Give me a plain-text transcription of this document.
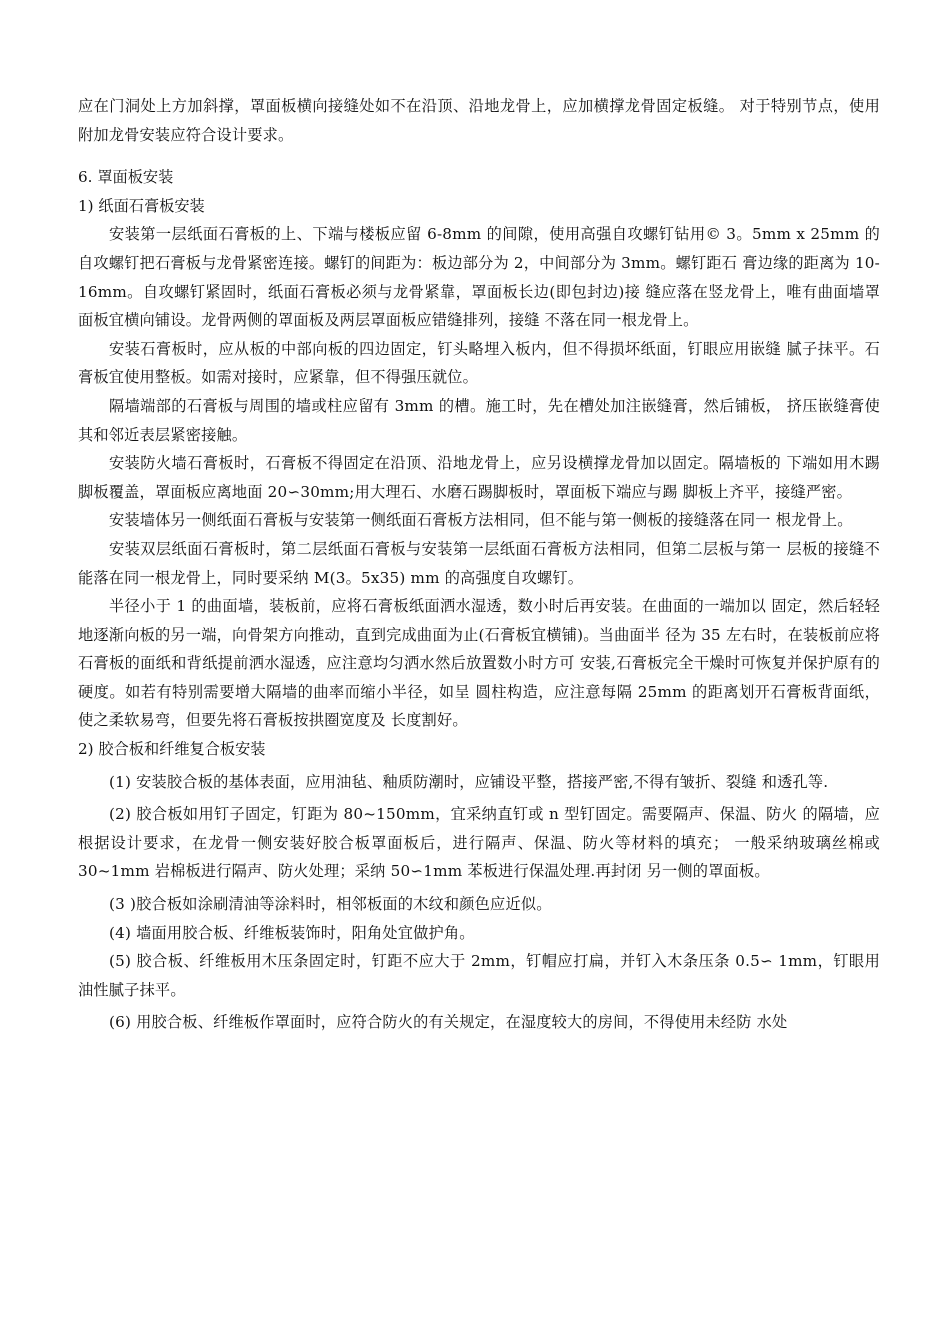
应在门洞处上方加斜撑，罩面板横向接缝处如不在沿顶、沿地龙骨上，应加横撑龙骨固定板缝。 对于特别节点，使用附加龙骨安装应符合设计要求。

6. 罩面板安装

1) 纸面石膏板安装

安装第一层纸面石膏板的上、下端与楼板应留 6-8mm 的间隙，使用高强自攻螺钉钻用© 3。5mm x 25mm 的自攻螺钉把石膏板与龙骨紧密连接。螺钉的间距为：板边部分为 2，中间部分为 3mm。螺钉距石 膏边缘的距离为 10-16mm。自攻螺钉紧固时，纸面石膏板必须与龙骨紧靠，罩面板长边(即包封边)接 缝应落在竖龙骨上，唯有曲面墙罩面板宜横向铺设。龙骨两侧的罩面板及两层罩面板应错缝排列，接缝 不落在同一根龙骨上。

安装石膏板时，应从板的中部向板的四边固定，钉头略埋入板内，但不得损坏纸面，钉眼应用嵌缝 腻子抹平。石膏板宜使用整板。如需对接时，应紧靠，但不得强压就位。

隔墙端部的石膏板与周围的墙或柱应留有 3mm 的槽。施工时，先在槽处加注嵌缝膏，然后铺板， 挤压嵌缝膏使其和邻近表层紧密接触。

安装防火墙石膏板时，石膏板不得固定在沿顶、沿地龙骨上，应另设横撑龙骨加以固定。隔墙板的 下端如用木踢脚板覆盖，罩面板应离地面 20∽30mm;用大理石、水磨石踢脚板时，罩面板下端应与踢 脚板上齐平，接缝严密。

安装墙体另一侧纸面石膏板与安装第一侧纸面石膏板方法相同，但不能与第一侧板的接缝落在同一 根龙骨上。

安装双层纸面石膏板时，第二层纸面石膏板与安装第一层纸面石膏板方法相同，但第二层板与第一 层板的接缝不能落在同一根龙骨上，同时要采纳 M(3。5x35) mm 的高强度自攻螺钉。

半径小于 1 的曲面墙，装板前，应将石膏板纸面洒水湿透，数小时后再安装。在曲面的一端加以 固定，然后轻轻地逐渐向板的另一端，向骨架方向推动，直到完成曲面为止(石膏板宜横铺)。当曲面半 径为 35 左右时，在装板前应将石膏板的面纸和背纸提前洒水湿透，应注意均匀洒水然后放置数小时方可 安装,石膏板完全干燥时可恢复并保护原有的硬度。如若有特别需要增大隔墙的曲率而缩小半径，如呈 圆柱构造，应注意每隔 25mm 的距离划开石膏板背面纸，使之柔软易弯，但要先将石膏板按拱圈宽度及 长度割好。

2) 胶合板和纤维复合板安装

(1) 安装胶合板的基体表面，应用油毡、釉质防潮时，应铺设平整，搭接严密,不得有皱折、裂缝 和透孔等.

(2) 胶合板如用钉子固定，钉距为 80~150mm，宜采纳直钉或 n 型钉固定。需要隔声、保温、防火 的隔墙，应根据设计要求，在龙骨一侧安装好胶合板罩面板后，进行隔声、保温、防火等材料的填充； 一般采纳玻璃丝棉或 30~1mm 岩棉板进行隔声、防火处理；采纳 50∽1mm 苯板进行保温处理.再封闭 另一侧的罩面板。

(3 )胶合板如涂刷清油等涂料时，相邻板面的木纹和颜色应近似。

(4) 墙面用胶合板、纤维板装饰时，阳角处宜做护角。

(5) 胶合板、纤维板用木压条固定时，钉距不应大于 2mm，钉帽应打扁，并钉入木条压条 0.5∽ 1mm，钉眼用油性腻子抹平。

(6) 用胶合板、纤维板作罩面时，应符合防火的有关规定，在湿度较大的房间，不得使用未经防 水处
